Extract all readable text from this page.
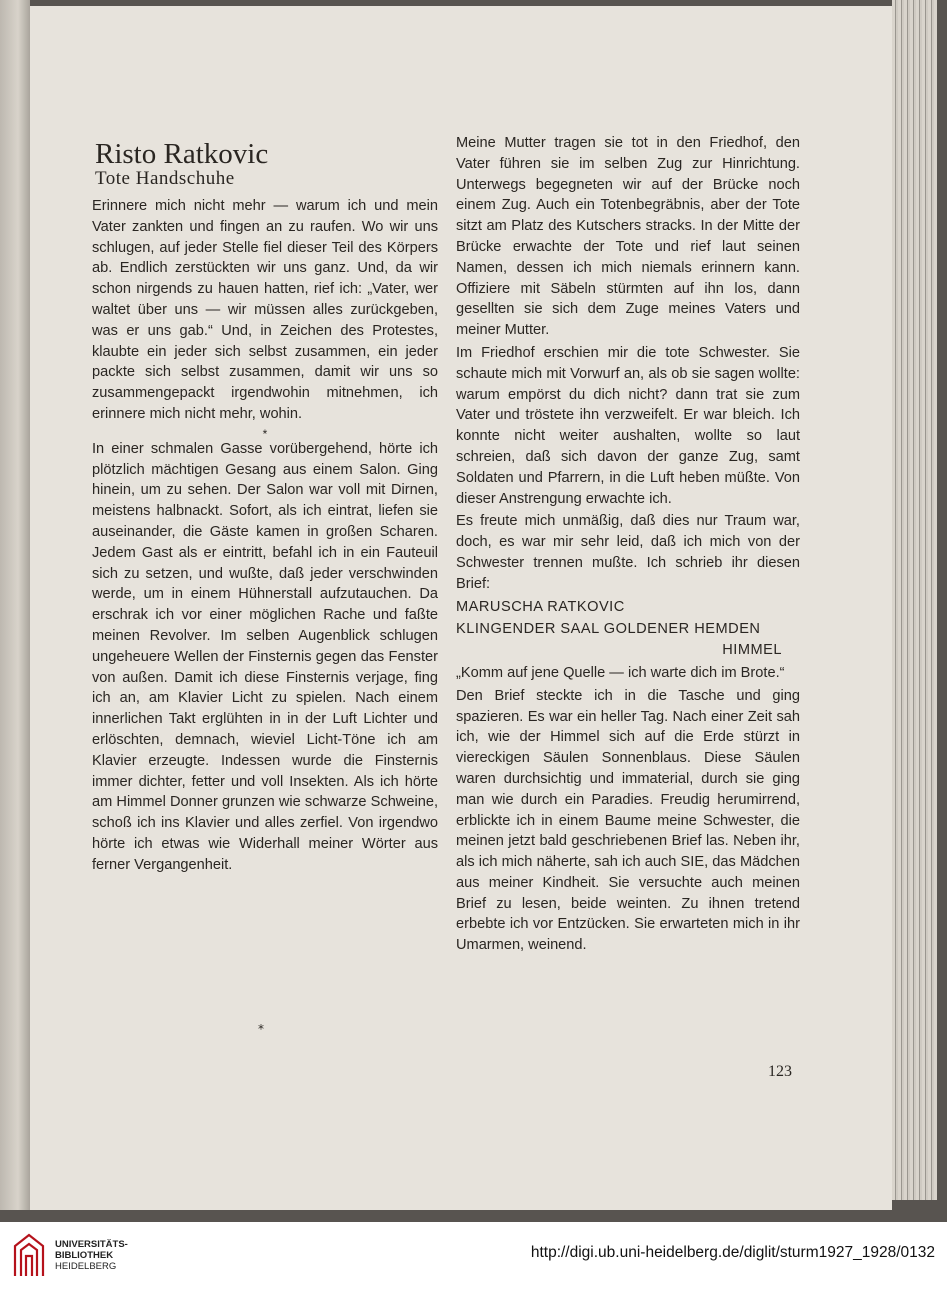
Risto Ratkovic
Tote Handschuhe

Erinnere mich nicht mehr — warum ich und mein Vater zankten und fingen an zu raufen. Wo wir uns schlugen, auf jeder Stelle fiel dieser Teil des Körpers ab. Endlich zerstückten wir uns ganz. Und, da wir schon nirgends zu hauen hatten, rief ich: „Vater, wer waltet über uns — wir müssen alles zurückgeben, was er uns gab.“ Und, in Zeichen des Protestes, klaubte ein jeder sich selbst zusammen, ein jeder packte sich selbst zusammen, damit wir uns so zusammengepackt irgendwohin mitnehmen, ich erinnere mich nicht mehr, wohin.

*

In einer schmalen Gasse vorübergehend, hörte ich plötzlich mächtigen Gesang aus einem Salon. Ging hinein, um zu sehen. Der Salon war voll mit Dirnen, meistens halbnackt. Sofort, als ich eintrat, liefen sie auseinander, die Gäste kamen in großen Scharen. Jedem Gast als er eintritt, befahl ich in ein Fauteuil sich zu setzen, und wußte, daß jeder verschwinden werde, um in einem Hühnerstall aufzutauchen. Da erschrak ich vor einer möglichen Rache und faßte meinen Revolver. Im selben Augenblick schlugen ungeheuere Wellen der Finsternis gegen das Fenster von außen. Damit ich diese Finsternis verjage, fing ich an, am Klavier Licht zu spielen. Nach einem innerlichen Takt erglühten in in der Luft Lichter und erlöschten, demnach, wieviel Licht-Töne ich am Klavier erzeugte. Indessen wurde die Finsternis immer dichter, fetter und voll Insekten. Als ich hörte am Himmel Donner grunzen wie schwarze Schweine, schoß ich ins Klavier und alles zerfiel. Von irgendwo hörte ich etwas wie Widerhall meiner Wörter aus ferner Vergangenheit.

*

Meine Mutter tragen sie tot in den Friedhof, den Vater führen sie im selben Zug zur Hinrichtung. Unterwegs begegneten wir auf der Brücke noch einem Zug. Auch ein Totenbegräbnis, aber der Tote sitzt am Platz des Kutschers stracks. In der Mitte der Brücke erwachte der Tote und rief laut seinen Namen, dessen ich mich niemals erinnern kann. Offiziere mit Säbeln stürmten auf ihn los, dann gesellten sie sich dem Zuge meines Vaters und meiner Mutter.

Im Friedhof erschien mir die tote Schwester. Sie schaute mich mit Vorwurf an, als ob sie sagen wollte: warum empörst du dich nicht? dann trat sie zum Vater und tröstete ihn verzweifelt. Er war bleich. Ich konnte nicht weiter aushalten, wollte so laut schreien, daß sich davon der ganze Zug, samt Soldaten und Pfarrern, in die Luft heben müßte. Von dieser Anstrengung erwachte ich.

Es freute mich unmäßig, daß dies nur Traum war, doch, es war mir sehr leid, daß ich mich von der Schwester trennen mußte. Ich schrieb ihr diesen Brief:

MARUSCHA RATKOVIC

KLINGENDER SAAL GOLDENER HEMDEN

HIMMEL

„Komm auf jene Quelle — ich warte dich im Brote.“

Den Brief steckte ich in die Tasche und ging spazieren. Es war ein heller Tag. Nach einer Zeit sah ich, wie der Himmel sich auf die Erde stürzt in viereckigen Säulen Sonnenblaus. Diese Säulen waren durchsichtig und immaterial, durch sie ging man wie durch ein Paradies. Freudig herumirrend, erblickte ich in einem Baume meine Schwester, die meinen jetzt bald geschriebenen Brief las. Neben ihr, als ich mich näherte, sah ich auch SIE, das Mädchen aus meiner Kindheit. Sie versuchte auch meinen Brief zu lesen, beide weinten. Zu ihnen tretend erbebte ich vor Entzücken. Sie erwarteten mich in ihr Umarmen, weinend.

123
UNIVERSITÄTS-
BIBLIOTHEK
HEIDELBERG
http://digi.ub.uni-heidelberg.de/diglit/sturm1927_1928/0132
